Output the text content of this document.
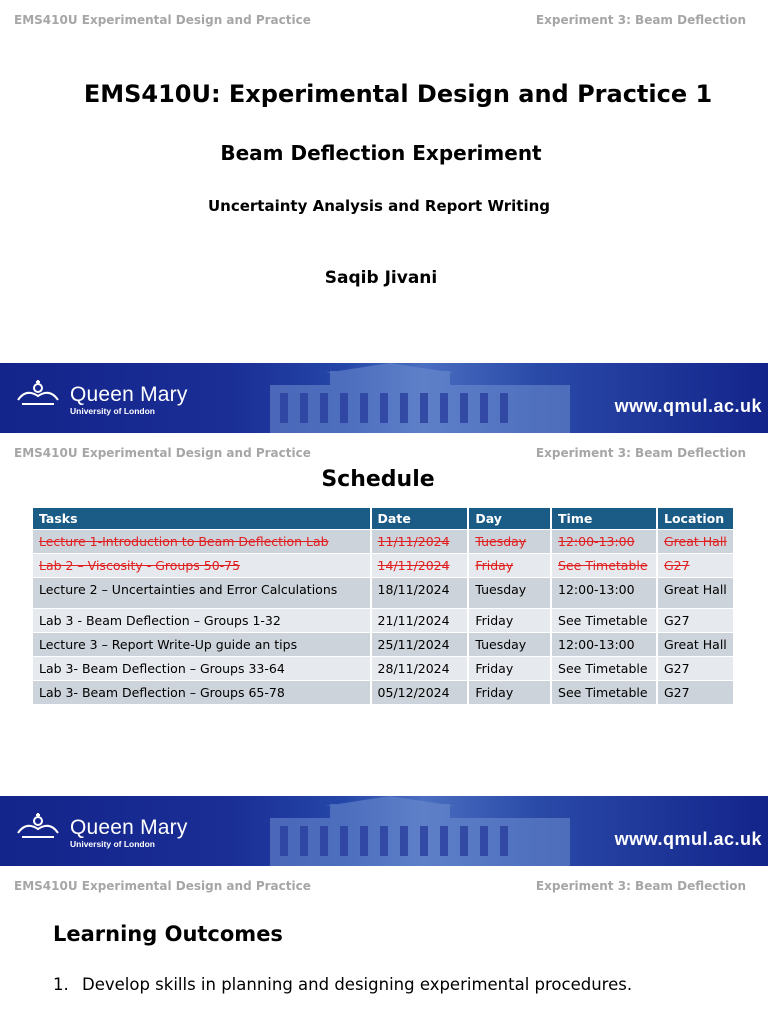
EMS410U Experimental Design and Practice	Experiment 3: Beam Deflection
EMS410U: Experimental Design and Practice 1
Beam Deflection Experiment
Uncertainty Analysis and Report Writing
Saqib Jivani
Queen Mary
University of London	www.qmul.ac.uk
EMS410U Experimental Design and Practice	Experiment 3: Beam Deflection
Schedule
Tasks	Date	Day	Time	Location
Lecture 1-Introduction to Beam Deflection Lab	11/11/2024	Tuesday	12:00-13:00	Great Hall
Lab 2 – Viscosity - Groups 50-75	14/11/2024	Friday	See Timetable	G27
Lecture 2 – Uncertainties and Error Calculations	18/11/2024	Tuesday	12:00-13:00	Great Hall
Lab 3 - Beam Deflection – Groups 1-32	21/11/2024	Friday	See Timetable	G27
Lecture 3 – Report Write-Up guide an tips	25/11/2024	Tuesday	12:00-13:00	Great Hall
Lab 3- Beam Deflection – Groups 33-64	28/11/2024	Friday	See Timetable	G27
Lab 3- Beam Deflection – Groups 65-78	05/12/2024	Friday	See Timetable	G27
Queen Mary
University of London	www.qmul.ac.uk
EMS410U Experimental Design and Practice	Experiment 3: Beam Deflection
Learning Outcomes
1. Develop skills in planning and designing experimental procedures.
